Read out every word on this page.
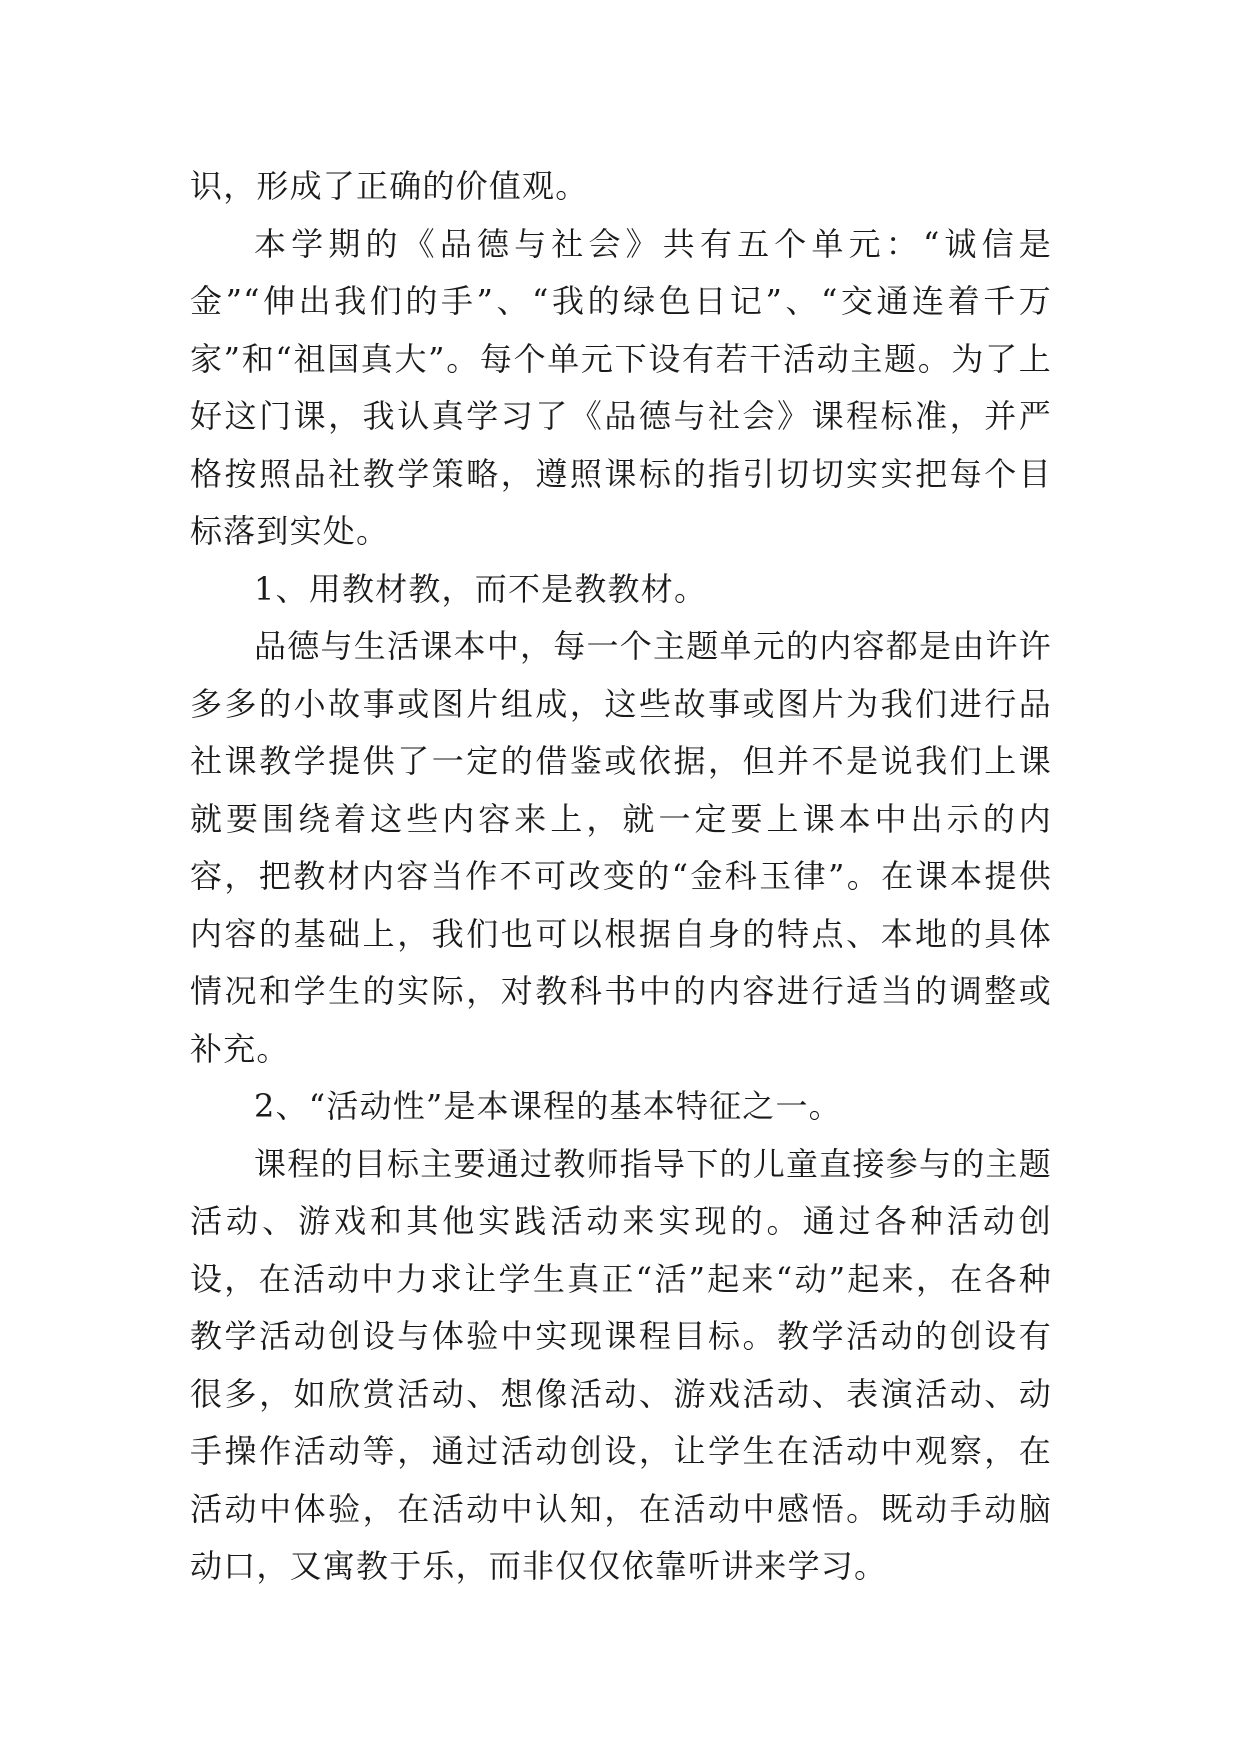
识，形成了正确的价值观。

本学期的《品德与社会》共有五个单元：“诚信是金”“伸出我们的手”、“我的绿色日记”、“交通连着千万家”和“祖国真大”。每个单元下设有若干活动主题。为了上好这门课，我认真学习了《品德与社会》课程标准，并严格按照品社教学策略，遵照课标的指引切切实实把每个目标落到实处。

1、用教材教，而不是教教材。

品德与生活课本中，每一个主题单元的内容都是由许许多多的小故事或图片组成，这些故事或图片为我们进行品社课教学提供了一定的借鉴或依据，但并不是说我们上课就要围绕着这些内容来上，就一定要上课本中出示的内容，把教材内容当作不可改变的“金科玉律”。在课本提供内容的基础上，我们也可以根据自身的特点、本地的具体情况和学生的实际，对教科书中的内容进行适当的调整或补充。

2、“活动性”是本课程的基本特征之一。

课程的目标主要通过教师指导下的儿童直接参与的主题活动、游戏和其他实践活动来实现的。通过各种活动创设，在活动中力求让学生真正“活”起来“动”起来，在各种教学活动创设与体验中实现课程目标。教学活动的创设有很多，如欣赏活动、想像活动、游戏活动、表演活动、动手操作活动等，通过活动创设，让学生在活动中观察，在活动中体验，在活动中认知，在活动中感悟。既动手动脑动口，又寓教于乐，而非仅仅依靠听讲来学习。
